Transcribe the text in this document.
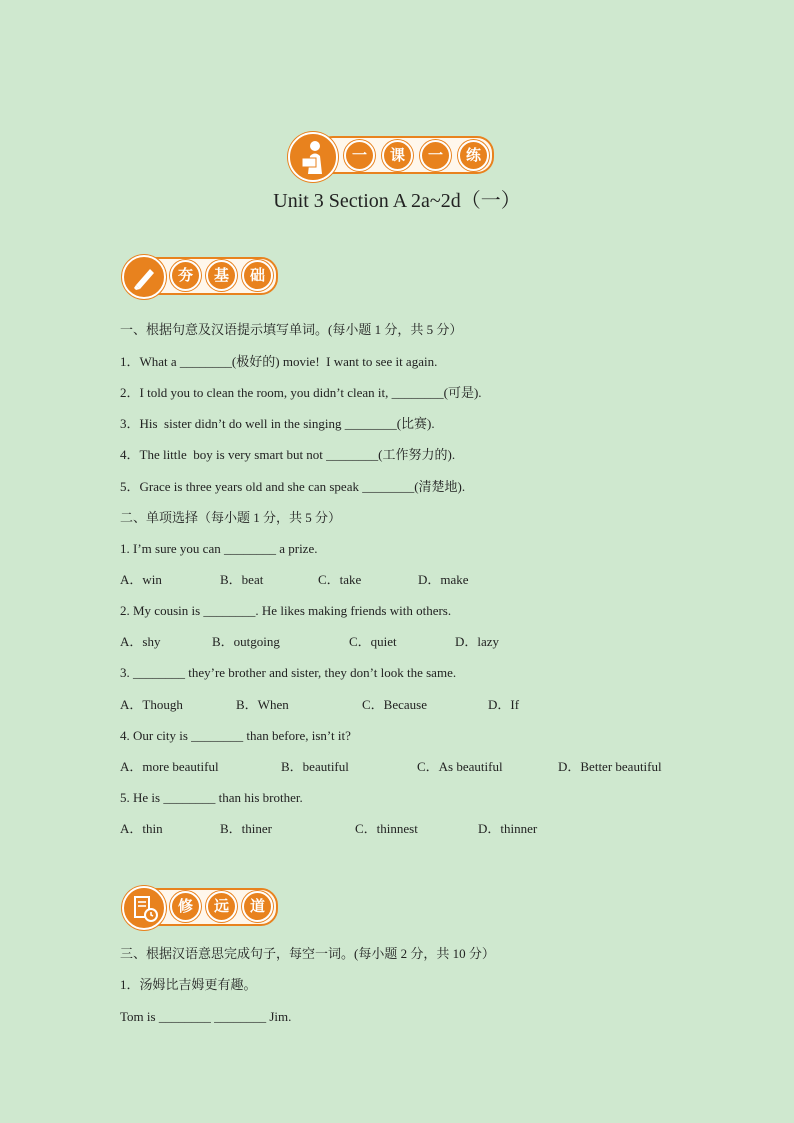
一	课	一	练
Unit 3 Section A 2a~2d（一）
夯	基	础
一、根据句意及汉语提示填写单词。(每小题 1 分，共 5 分）
1．What a ________(极好的) movie!  I want to see it again.
2．I told you to clean the room, you didn’t clean it, ________(可是).
3．His  sister didn’t do well in the singing ________(比赛).
4．The little  boy is very smart but not ________(工作努力的).
5．Grace is three years old and she can speak ________(清楚地).
二、单项选择（每小题 1 分，共 5 分）
1. I’m sure you can ________ a prize.
A．win	B．beat	C．take	D．make
2. My cousin is ________. He likes making friends with others.
A．shy	B．outgoing	C．quiet	D．lazy
3. ________ they’re brother and sister, they don’t look the same.
A．Though	B．When	C．Because	D．If
4. Our city is ________ than before, isn’t it?
A．more beautiful	B．beautiful	C．As beautiful	D．Better beautiful
5. He is ________ than his brother.
A．thin	B．thiner	C．thinnest	D．thinner
修	远	道
三、根据汉语意思完成句子，每空一词。(每小题 2 分，共 10 分）
1．汤姆比吉姆更有趣。
Tom is ________ ________ Jim.
